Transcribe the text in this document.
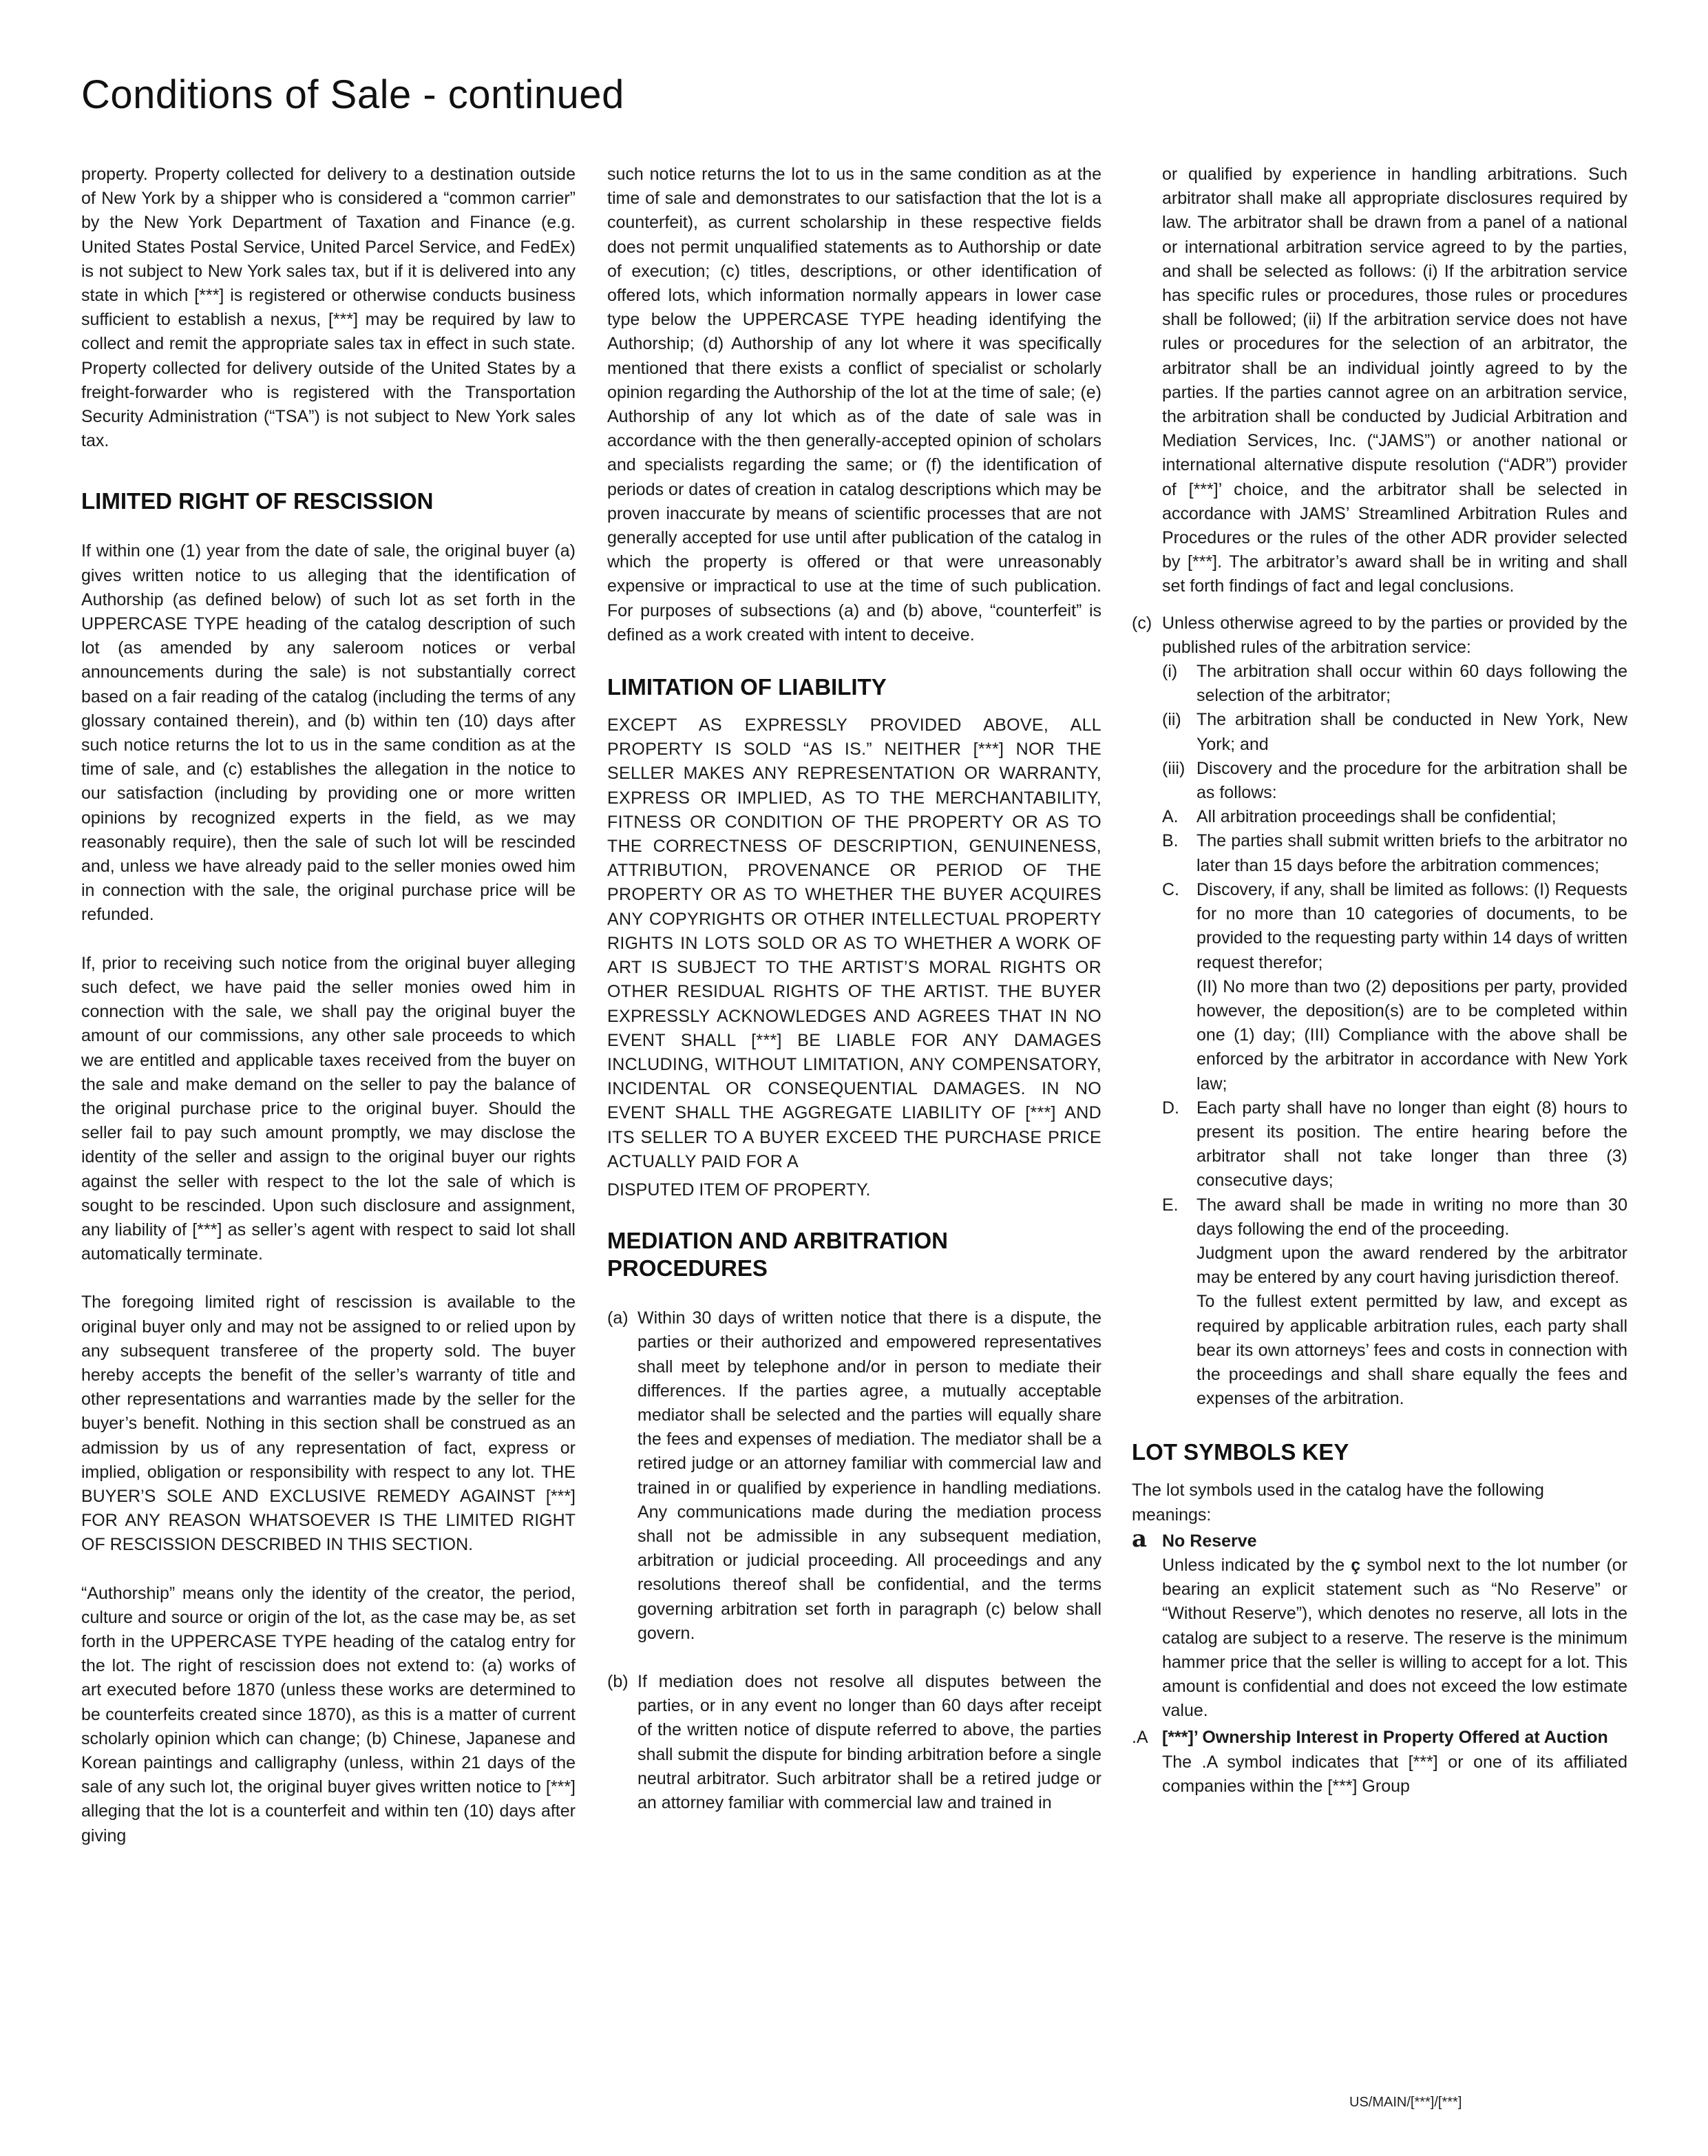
Conditions of Sale - continued

property. Property collected for delivery to a destination outside of New York by a shipper who is considered a “common carrier” by the New York Department of Taxation and Finance (e.g. United States Postal Service, United Parcel Service, and FedEx) is not subject to New York sales tax, but if it is delivered into any state in which [***] is registered or otherwise conducts business sufficient to establish a nexus, [***] may be required by law to collect and remit the appropriate sales tax in effect in such state. Property collected for delivery outside of the United States by a freight-forwarder who is registered with the Transportation Security Administration (“TSA”) is not subject to New York sales tax.

LIMITED RIGHT OF RESCISSION

If within one (1) year from the date of sale, the original buyer (a) gives written notice to us alleging that the identification of Authorship (as defined below) of such lot as set forth in the UPPERCASE TYPE heading of the catalog description of such lot (as amended by any saleroom notices or verbal announcements during the sale) is not substantially correct based on a fair reading of the catalog (including the terms of any glossary contained therein), and (b) within ten (10) days after such notice returns the lot to us in the same condition as at the time of sale, and (c) establishes the allegation in the notice to our satisfaction (including by providing one or more written opinions by recognized experts in the field, as we may reasonably require), then the sale of such lot will be rescinded and, unless we have already paid to the seller monies owed him in connection with the sale, the original purchase price will be refunded.

If, prior to receiving such notice from the original buyer alleging such defect, we have paid the seller monies owed him in connection with the sale, we shall pay the original buyer the amount of our commissions, any other sale proceeds to which we are entitled and applicable taxes received from the buyer on the sale and make demand on the seller to pay the balance of the original purchase price to the original buyer. Should the seller fail to pay such amount promptly, we may disclose the identity of the seller and assign to the original buyer our rights against the seller with respect to the lot the sale of which is sought to be rescinded. Upon such disclosure and assignment, any liability of [***] as seller’s agent with respect to said lot shall automatically terminate.

The foregoing limited right of rescission is available to the original buyer only and may not be assigned to or relied upon by any subsequent transferee of the property sold. The buyer hereby accepts the benefit of the seller’s warranty of title and other representations and warranties made by the seller for the buyer’s benefit. Nothing in this section shall be construed as an admission by us of any representation of fact, express or implied, obligation or responsibility with respect to any lot. THE BUYER’S SOLE AND EXCLUSIVE REMEDY AGAINST [***] FOR ANY REASON WHATSOEVER IS THE LIMITED RIGHT OF RESCISSION DESCRIBED IN THIS SECTION.

“Authorship” means only the identity of the creator, the period, culture and source or origin of the lot, as the case may be, as set forth in the UPPERCASE TYPE heading of the catalog entry for the lot. The right of rescission does not extend to: (a) works of art executed before 1870 (unless these works are determined to be counterfeits created since 1870), as this is a matter of current scholarly opinion which can change; (b) Chinese, Japanese and Korean paintings and calligraphy (unless, within 21 days of the sale of any such lot, the original buyer gives written notice to [***] alleging that the lot is a counterfeit and within ten (10) days after giving

such notice returns the lot to us in the same condition as at the time of sale and demonstrates to our satisfaction that the lot is a counterfeit), as current scholarship in these respective fields does not permit unqualified statements as to Authorship or date of execution; (c) titles, descriptions, or other identification of offered lots, which information normally appears in lower case type below the UPPERCASE TYPE heading identifying the Authorship; (d) Authorship of any lot where it was specifically mentioned that there exists a conflict of specialist or scholarly opinion regarding the Authorship of the lot at the time of sale; (e) Authorship of any lot which as of the date of sale was in accordance with the then generally-accepted opinion of scholars and specialists regarding the same; or (f) the identification of periods or dates of creation in catalog descriptions which may be proven inaccurate by means of scientific processes that are not generally accepted for use until after publication of the catalog in which the property is offered or that were unreasonably expensive or impractical to use at the time of such publication. For purposes of subsections (a) and (b) above, “counterfeit” is defined as a work created with intent to deceive.

LIMITATION OF LIABILITY

EXCEPT AS EXPRESSLY PROVIDED ABOVE, ALL PROPERTY IS SOLD “AS IS.” NEITHER [***] NOR THE SELLER MAKES ANY REPRESENTATION OR WARRANTY, EXPRESS OR IMPLIED, AS TO THE MERCHANTABILITY, FITNESS OR CONDITION OF THE PROPERTY OR AS TO THE CORRECTNESS OF DESCRIPTION, GENUINENESS, ATTRIBUTION, PROVENANCE OR PERIOD OF THE PROPERTY OR AS TO WHETHER THE BUYER ACQUIRES ANY COPYRIGHTS OR OTHER INTELLECTUAL PROPERTY RIGHTS IN LOTS SOLD OR AS TO WHETHER A WORK OF ART IS SUBJECT TO THE ARTIST’S MORAL RIGHTS OR OTHER RESIDUAL RIGHTS OF THE ARTIST. THE BUYER EXPRESSLY ACKNOWLEDGES AND AGREES THAT IN NO EVENT SHALL [***] BE LIABLE FOR ANY DAMAGES INCLUDING, WITHOUT LIMITATION, ANY COMPENSATORY, INCIDENTAL OR CONSEQUENTIAL DAMAGES. IN NO EVENT SHALL THE AGGREGATE LIABILITY OF [***] AND ITS SELLER TO A BUYER EXCEED THE PURCHASE PRICE ACTUALLY PAID FOR A

DISPUTED ITEM OF PROPERTY.

MEDIATION AND ARBITRATION PROCEDURES
(a) Within 30 days of written notice that there is a dispute, the parties or their authorized and empowered representatives shall meet by telephone and/or in person to mediate their differences. If the parties agree, a mutually acceptable mediator shall be selected and the parties will equally share the fees and expenses of mediation. The mediator shall be a retired judge or an attorney familiar with commercial law and trained in or qualified by experience in handling mediations. Any communications made during the mediation process shall not be admissible in any subsequent mediation, arbitration or judicial proceeding. All proceedings and any resolutions thereof shall be confidential, and the terms governing arbitration set forth in paragraph (c) below shall govern.
(b) If mediation does not resolve all disputes between the parties, or in any event no longer than 60 days after receipt of the written notice of dispute referred to above, the parties shall submit the dispute for binding arbitration before a single neutral arbitrator. Such arbitrator shall be a retired judge or an attorney familiar with commercial law and trained in

or qualified by experience in handling arbitrations. Such arbitrator shall make all appropriate disclosures required by law. The arbitrator shall be drawn from a panel of a national or international arbitration service agreed to by the parties, and shall be selected as follows: (i) If the arbitration service has specific rules or procedures, those rules or procedures shall be followed; (ii) If the arbitration service does not have rules or procedures for the selection of an arbitrator, the arbitrator shall be an individual jointly agreed to by the parties. If the parties cannot agree on an arbitration service, the arbitration shall be conducted by Judicial Arbitration and Mediation Services, Inc. (“JAMS”) or another national or international alternative dispute resolution (“ADR”) provider of [***]’ choice, and the arbitrator shall be selected in accordance with JAMS’ Streamlined Arbitration Rules and Procedures or the rules of the other ADR provider selected by [***]. The arbitrator’s award shall be in writing and shall set forth findings of fact and legal conclusions.

(c) Unless otherwise agreed to by the parties or provided by the published rules of the arbitration service:
(i)	The arbitration shall occur within 60 days following the selection of the arbitrator;
(ii) The arbitration shall be conducted in New York, New York; and
(iii) Discovery and the procedure for the arbitration shall be as follows:
A.	All arbitration proceedings shall be confidential;
B.	The parties shall submit written briefs to the arbitrator no later than 15 days before the arbitration commences;
C.	Discovery, if any, shall be limited as follows: (I) Requests for no more than 10 categories of documents, to be provided to the requesting party within 14 days of written request therefor;

(II) No more than two (2) depositions per party, provided however, the deposition(s) are to be completed within one (1) day; (III) Compliance with the above shall be enforced by the arbitrator in accordance with New York law;

D.	Each party shall have no longer than eight (8) hours to present its position. The entire hearing before the arbitrator shall not take longer than three (3) consecutive days;
E.	The award shall be made in writing no more than 30 days following the end of the proceeding.

Judgment upon the award rendered by the arbitrator may be entered by any court having jurisdiction thereof.

To the fullest extent permitted by law, and except as required by applicable arbitration rules, each party shall bear its own attorneys’ fees and costs in connection with the proceedings and shall share equally the fees and expenses of the arbitration.

LOT SYMBOLS KEY

The lot symbols used in the catalog have the following meanings:

a No Reserve

Unless indicated by the ç symbol next to the lot number (or bearing an explicit statement such as “No Reserve” or “Without Reserve”), which denotes no reserve, all lots in the catalog are subject to a reserve. The reserve is the minimum hammer price that the seller is willing to accept for a lot. This amount is confidential and does not exceed the low estimate value.

.A [***]’ Ownership Interest in Property Offered at Auction

The .A symbol indicates that [***] or one of its affiliated companies within the [***] Group

US/MAIN/[***]/[***]
